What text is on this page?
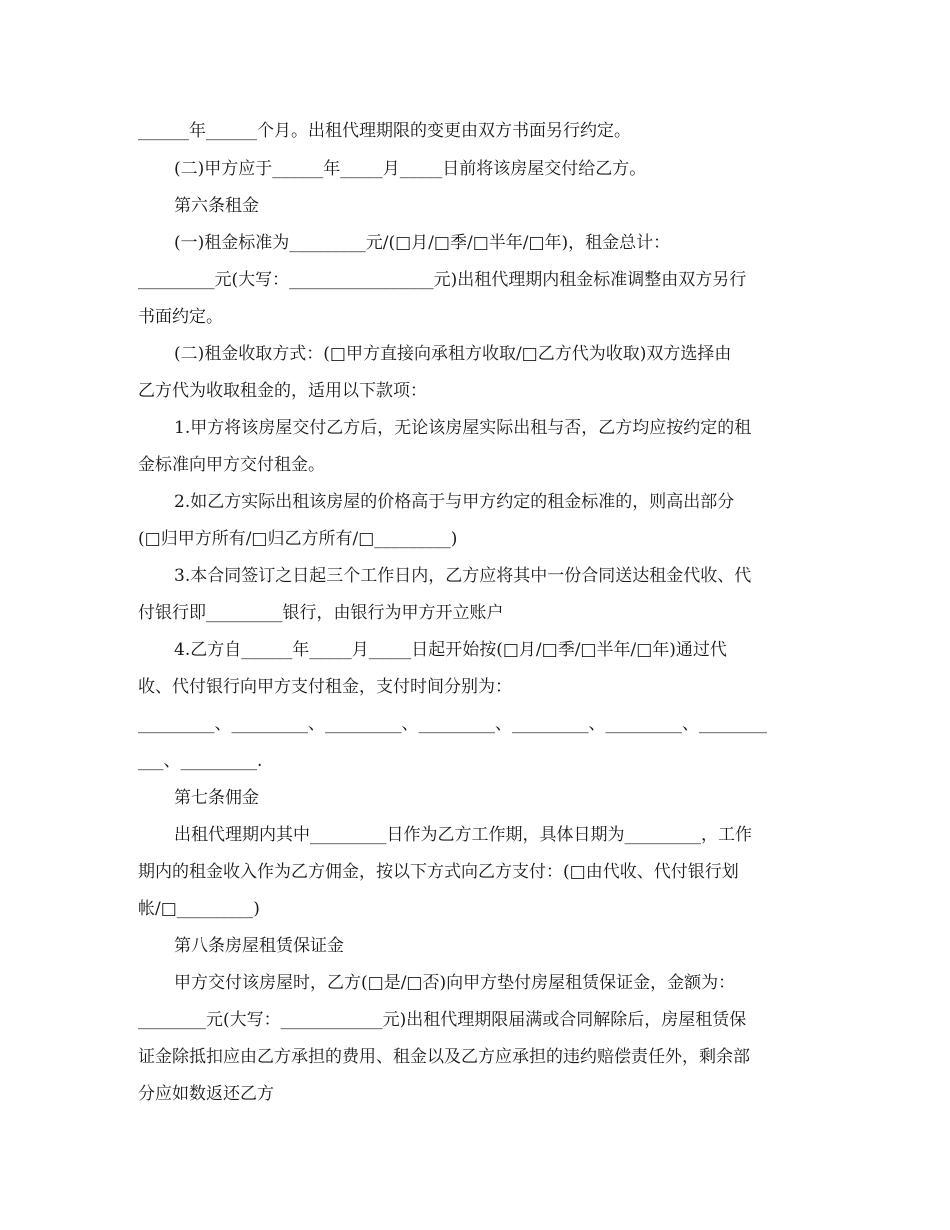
______年______个月。出租代理期限的变更由双方书面另行约定。
(二)甲方应于______年_____月_____日前将该房屋交付给乙方。
第六条租金
(一)租金标准为_________元/(□月/□季/□半年/□年)，租金总计：
_________元(大写：_________________元)出租代理期内租金标准调整由双方另行
书面约定。
(二)租金收取方式：(□甲方直接向承租方收取/□乙方代为收取)双方选择由
乙方代为收取租金的，适用以下款项：
1.甲方将该房屋交付乙方后，无论该房屋实际出租与否，乙方均应按约定的租
金标准向甲方交付租金。
2.如乙方实际出租该房屋的价格高于与甲方约定的租金标准的，则高出部分
(□归甲方所有/□归乙方所有/□_________)
3.本合同签订之日起三个工作日内，乙方应将其中一份合同送达租金代收、代
付银行即_________银行，由银行为甲方开立账户
4.乙方自______年_____月_____日起开始按(□月/□季/□半年/□年)通过代
收、代付银行向甲方支付租金，支付时间分别为：
_________、_________、_________、_________、_________、_________、________
___、_________.
第七条佣金
出租代理期内其中_________日作为乙方工作期，具体日期为_________，工作
期内的租金收入作为乙方佣金，按以下方式向乙方支付：(□由代收、代付银行划
帐/□_________)
第八条房屋租赁保证金
甲方交付该房屋时，乙方(□是/□否)向甲方垫付房屋租赁保证金，金额为：
________元(大写：____________元)出租代理期限届满或合同解除后，房屋租赁保
证金除抵扣应由乙方承担的费用、租金以及乙方应承担的违约赔偿责任外，剩余部
分应如数返还乙方
